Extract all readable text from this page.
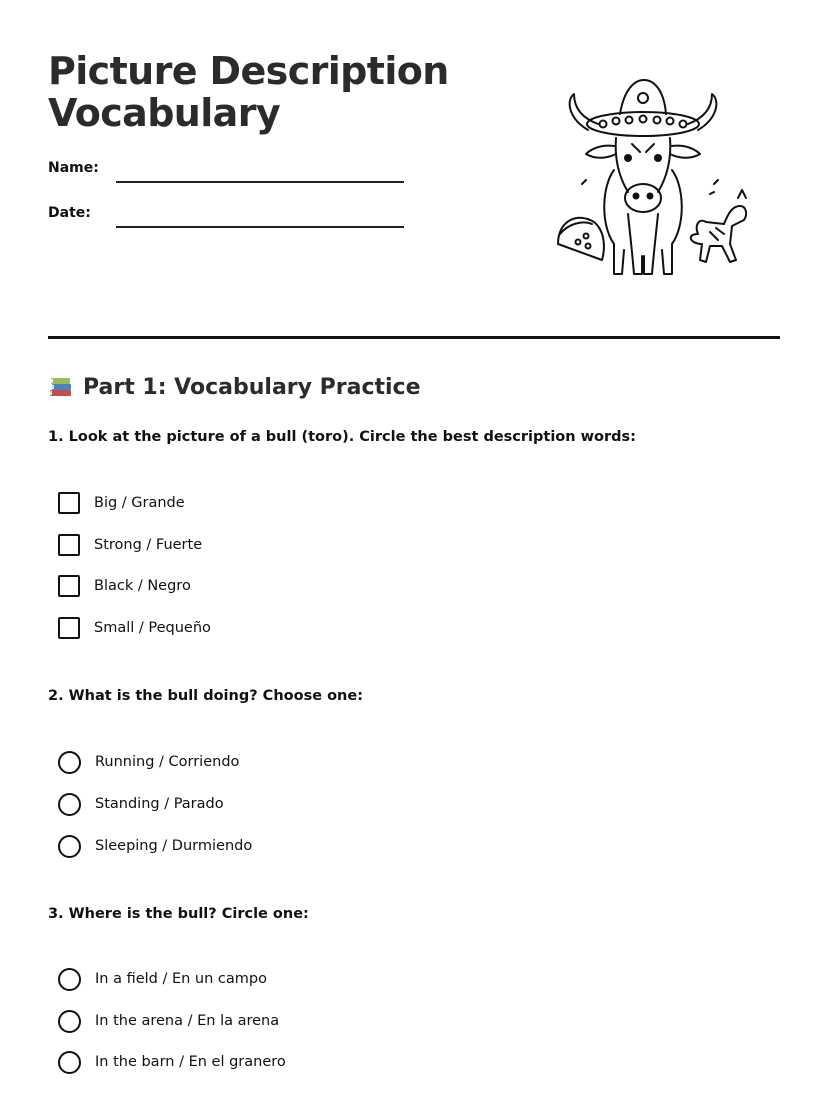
Picture Description
Vocabulary
Name:
Date:
Part 1: Vocabulary Practice
1. Look at the picture of a bull (toro). Circle the best description words:
Big / Grande
Strong / Fuerte
Black / Negro
Small / Pequeño
2. What is the bull doing? Choose one:
Running / Corriendo
Standing / Parado
Sleeping / Durmiendo
3. Where is the bull? Circle one:
In a field / En un campo
In the arena / En la arena
In the barn / En el granero
